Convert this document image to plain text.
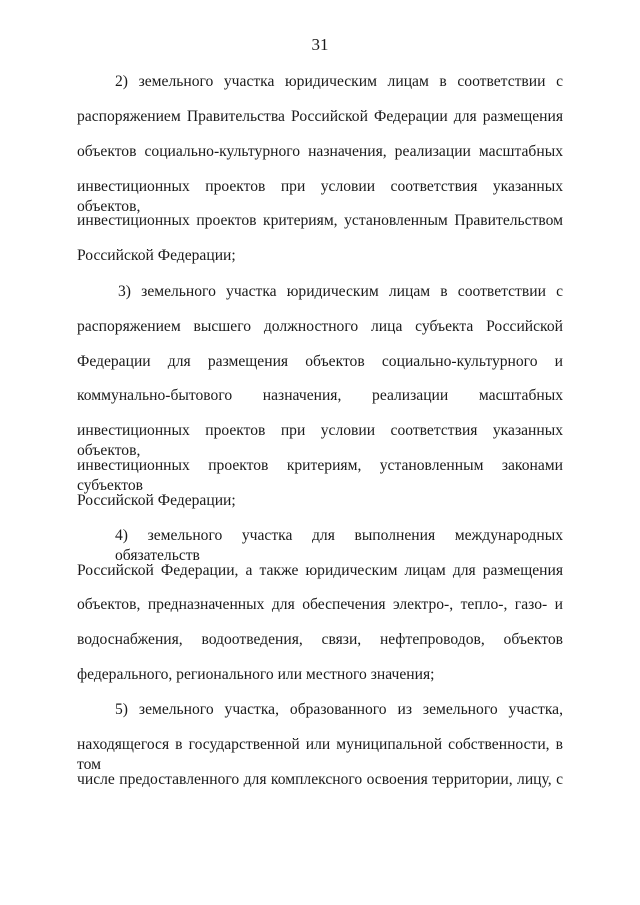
31
2) земельного участка юридическим лицам в соответствии с
распоряжением Правительства Российской Федерации для размещения
объектов социально-культурного назначения, реализации масштабных
инвестиционных проектов при условии соответствия указанных объектов,
инвестиционных проектов критериям, установленным Правительством
Российской Федерации;
3) земельного участка юридическим лицам в соответствии с
распоряжением высшего должностного лица субъекта Российской
Федерации для размещения объектов социально-культурного и
коммунально-бытового назначения, реализации масштабных
инвестиционных проектов при условии соответствия указанных объектов,
инвестиционных проектов критериям, установленным законами субъектов
Российской Федерации;
4) земельного участка для выполнения международных обязательств
Российской Федерации, а также юридическим лицам для размещения
объектов, предназначенных для обеспечения электро-, тепло-, газо- и
водоснабжения, водоотведения, связи, нефтепроводов, объектов
федерального, регионального или местного значения;
5) земельного участка, образованного из земельного участка,
находящегося в государственной или муниципальной собственности, в том
числе предоставленного для комплексного освоения территории, лицу, с
